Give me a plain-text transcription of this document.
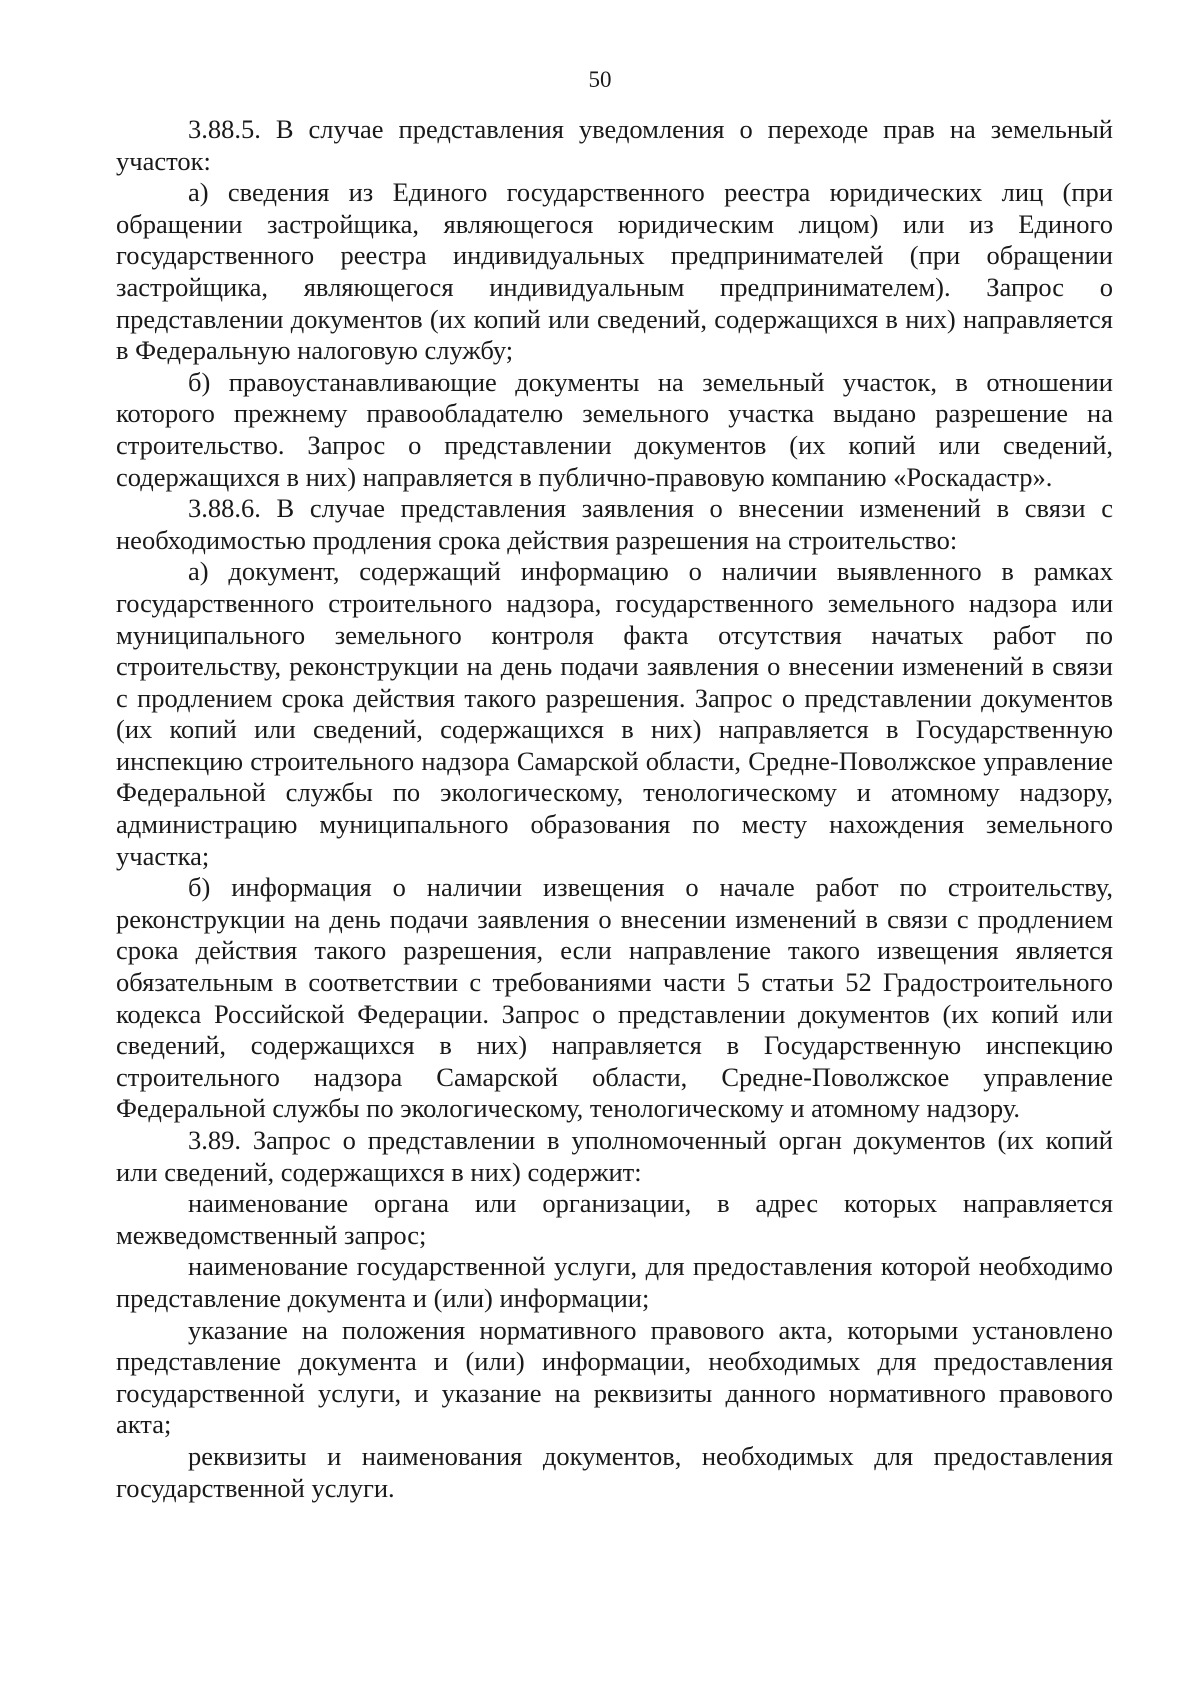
50

3.88.5. В случае представления уведомления о переходе прав на земельный участок:

а) сведения из Единого государственного реестра юридических лиц (при обращении застройщика, являющегося юридическим лицом) или из Единого государственного реестра индивидуальных предпринимателей (при обращении застройщика, являющегося индивидуальным предпринимателем). Запрос о представлении документов (их копий или сведений, содержащихся в них) направляется в Федеральную налоговую службу;

б) правоустанавливающие документы на земельный участок, в отношении которого прежнему правообладателю земельного участка выдано разрешение на строительство. Запрос о представлении документов (их копий или сведений, содержащихся в них) направляется в публично-правовую компанию «Роскадастр».

3.88.6. В случае представления заявления о внесении изменений в связи с необходимостью продления срока действия разрешения на строительство:

а) документ, содержащий информацию о наличии выявленного в рамках государственного строительного надзора, государственного земельного надзора или муниципального земельного контроля факта отсутствия начатых работ по строительству, реконструкции на день подачи заявления о внесении изменений в связи с продлением срока действия такого разрешения. Запрос о представлении документов (их копий или сведений, содержащихся в них) направляется в Государственную инспекцию строительного надзора Самарской области, Средне-Поволжское управление Федеральной службы по экологическому, тенологическому и атомному надзору, администрацию муниципального образования по месту нахождения земельного участка;

б) информация о наличии извещения о начале работ по строительству, реконструкции на день подачи заявления о внесении изменений в связи с продлением срока действия такого разрешения, если направление такого извещения является обязательным в соответствии с требованиями части 5 статьи 52 Градостроительного кодекса Российской Федерации. Запрос о представлении документов (их копий или сведений, содержащихся в них) направляется в Государственную инспекцию строительного надзора Самарской области, Средне-Поволжское управление Федеральной службы по экологическому, тенологическому и атомному надзору.

3.89. Запрос о представлении в уполномоченный орган документов (их копий или сведений, содержащихся в них) содержит:

наименование органа или организации, в адрес которых направляется межведомственный запрос;

наименование государственной услуги, для предоставления которой необходимо представление документа и (или) информации;

указание на положения нормативного правового акта, которыми установлено представление документа и (или) информации, необходимых для предоставления государственной услуги, и указание на реквизиты данного нормативного правового акта;

реквизиты и наименования документов, необходимых для предоставления государственной услуги.
